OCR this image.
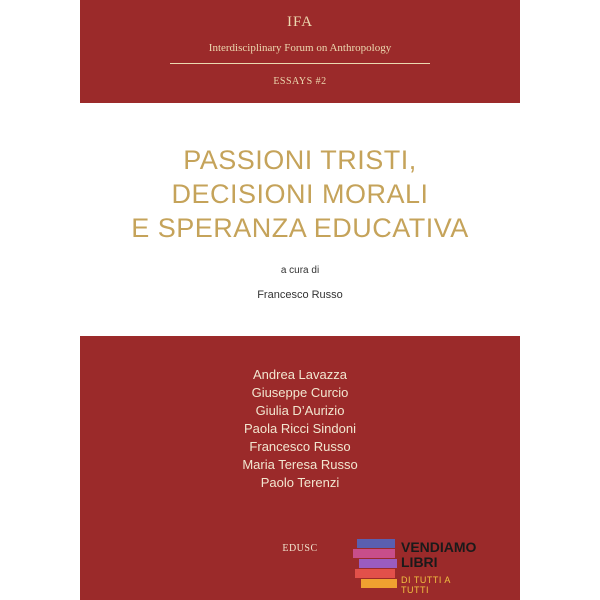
IFA
Interdisciplinary Forum on Anthropology
ESSAYS #2
PASSIONI TRISTI,
DECISIONI MORALI
E SPERANZA EDUCATIVA
a cura di
Francesco Russo
Andrea Lavazza
Giuseppe Curcio
Giulia D’Aurizio
Paola Ricci Sindoni
Francesco Russo
Maria Teresa Russo
Paolo Terenzi
EDUSC	VENDIAMO
LIBRI
DI TUTTI A TUTTI
